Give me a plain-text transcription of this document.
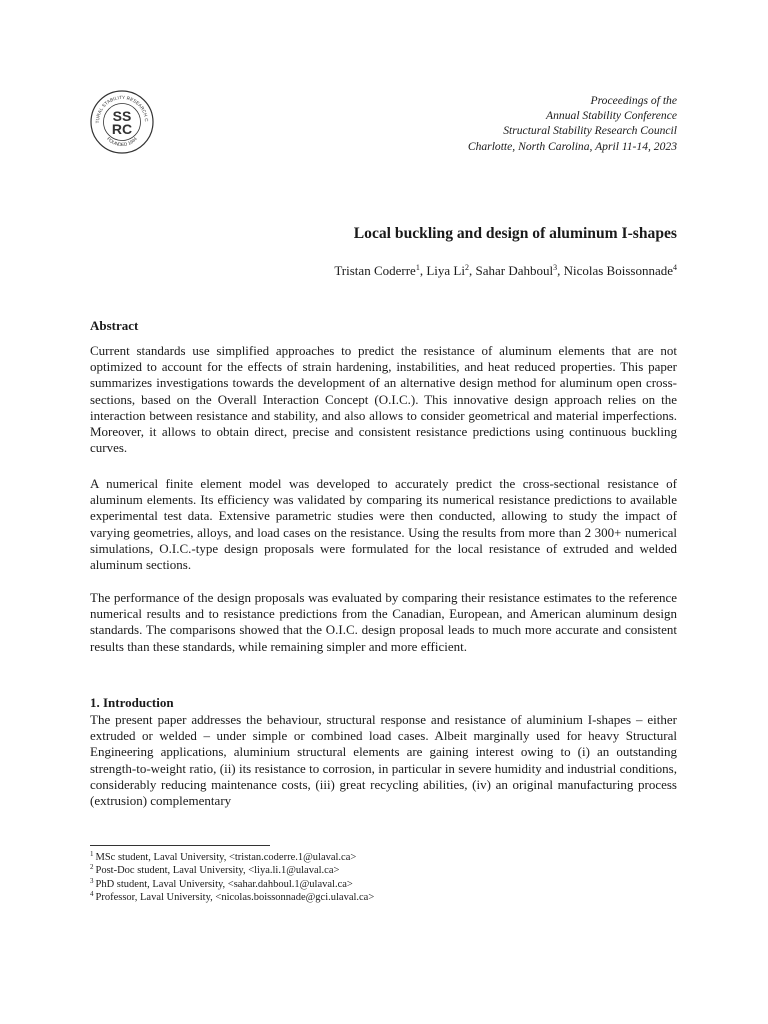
TURAL STABILITY RESEARCH C
FOUNDED 1944
SS
RC
Proceedings of the
Annual Stability Conference
Structural Stability Research Council
Charlotte, North Carolina, April 11-14, 2023
Local buckling and design of aluminum I-shapes
Tristan Coderre$^1$, Liya Li$^2$, Sahar Dahboul$^3$, Nicolas Boissonnade$^4$
Abstract

Current standards use simplified approaches to predict the resistance of aluminum elements that are not optimized to account for the effects of strain hardening, instabilities, and heat reduced properties. This paper summarizes investigations towards the development of an alternative design method for aluminum open cross-sections, based on the Overall Interaction Concept (O.I.C.). This innovative design approach relies on the interaction between resistance and stability, and also allows to consider geometrical and material imperfections. Moreover, it allows to obtain direct, precise and consistent resistance predictions using continuous buckling curves.

A numerical finite element model was developed to accurately predict the cross-sectional resistance of aluminum elements. Its efficiency was validated by comparing its numerical resistance predictions to available experimental test data. Extensive parametric studies were then conducted, allowing to study the impact of varying geometries, alloys, and load cases on the resistance. Using the results from more than 2 300+ numerical simulations, O.I.C.-type design proposals were formulated for the local resistance of extruded and welded aluminum sections.

The performance of the design proposals was evaluated by comparing their resistance estimates to the reference numerical results and to resistance predictions from the Canadian, European, and American aluminum design standards. The comparisons showed that the O.I.C. design proposal leads to much more accurate and consistent results than these standards, while remaining simpler and more efficient.

1. Introduction

The present paper addresses the behaviour, structural response and resistance of aluminium I-shapes – either extruded or welded – under simple or combined load cases. Albeit marginally used for heavy Structural Engineering applications, aluminium structural elements are gaining interest owing to (i) an outstanding strength-to-weight ratio, (ii) its resistance to corrosion, in particular in severe humidity and industrial conditions, considerably reducing maintenance costs, (iii) great recycling abilities, (iv) an original manufacturing process (extrusion) complementary

$^1$ MSc student, Laval University, <tristan.coderre.1@ulaval.ca>
$^2$ Post-Doc student, Laval University, <liya.li.1@ulaval.ca>
$^3$ PhD student, Laval University, <sahar.dahboul.1@ulaval.ca>
$^4$ Professor, Laval University, <nicolas.boissonnade@gci.ulaval.ca>
